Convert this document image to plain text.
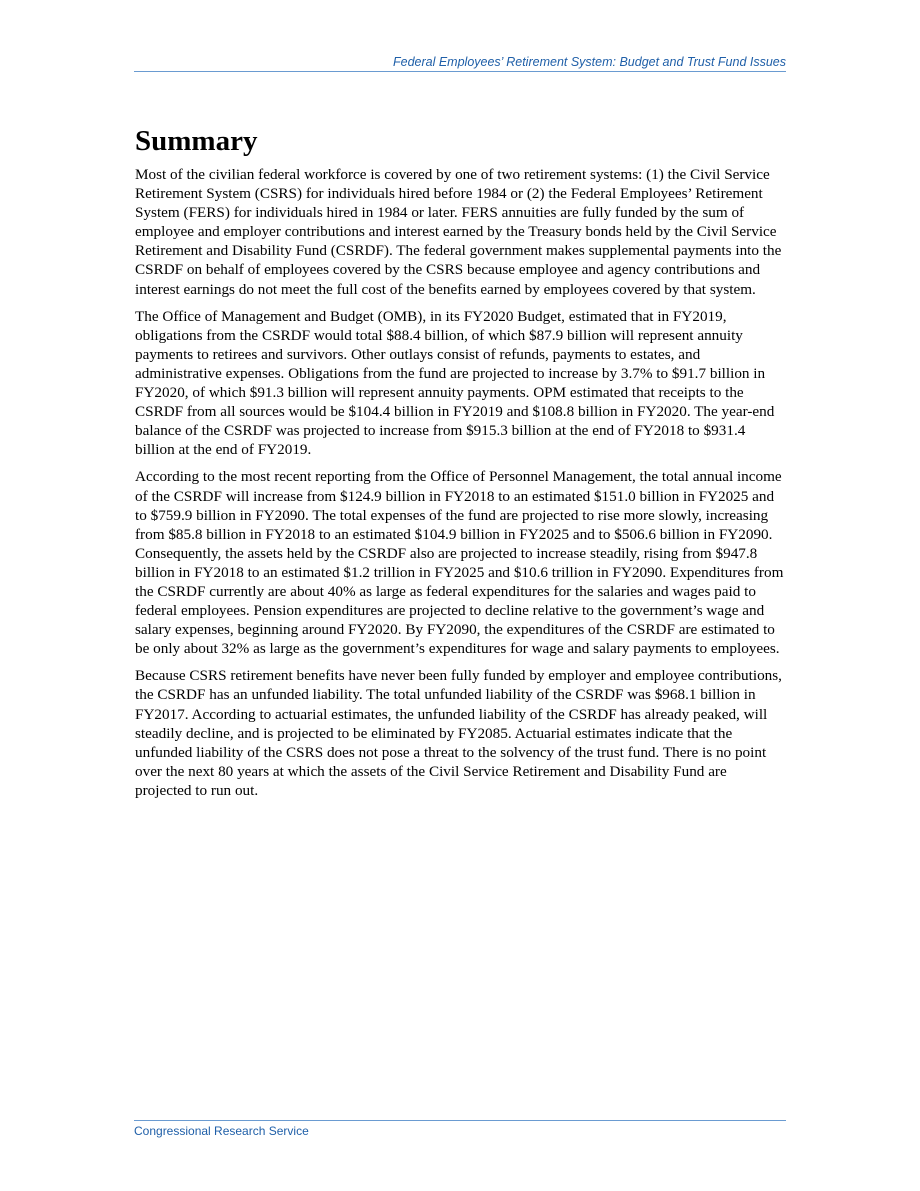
Federal Employees’ Retirement System: Budget and Trust Fund Issues
Summary

Most of the civilian federal workforce is covered by one of two retirement systems: (1) the Civil Service Retirement System (CSRS) for individuals hired before 1984 or (2) the Federal Employees’ Retirement System (FERS) for individuals hired in 1984 or later. FERS annuities are fully funded by the sum of employee and employer contributions and interest earned by the Treasury bonds held by the Civil Service Retirement and Disability Fund (CSRDF). The federal government makes supplemental payments into the CSRDF on behalf of employees covered by the CSRS because employee and agency contributions and interest earnings do not meet the full cost of the benefits earned by employees covered by that system.

The Office of Management and Budget (OMB), in its FY2020 Budget, estimated that in FY2019, obligations from the CSRDF would total $88.4 billion, of which $87.9 billion will represent annuity payments to retirees and survivors. Other outlays consist of refunds, payments to estates, and administrative expenses. Obligations from the fund are projected to increase by 3.7% to $91.7 billion in FY2020, of which $91.3 billion will represent annuity payments. OPM estimated that receipts to the CSRDF from all sources would be $104.4 billion in FY2019 and $108.8 billion in FY2020. The year-end balance of the CSRDF was projected to increase from $915.3 billion at the end of FY2018 to $931.4 billion at the end of FY2019.

According to the most recent reporting from the Office of Personnel Management, the total annual income of the CSRDF will increase from $124.9 billion in FY2018 to an estimated $151.0 billion in FY2025 and to $759.9 billion in FY2090. The total expenses of the fund are projected to rise more slowly, increasing from $85.8 billion in FY2018 to an estimated $104.9 billion in FY2025 and to $506.6 billion in FY2090. Consequently, the assets held by the CSRDF also are projected to increase steadily, rising from $947.8 billion in FY2018 to an estimated $1.2 trillion in FY2025 and $10.6 trillion in FY2090. Expenditures from the CSRDF currently are about 40% as large as federal expenditures for the salaries and wages paid to federal employees. Pension expenditures are projected to decline relative to the government’s wage and salary expenses, beginning around FY2020. By FY2090, the expenditures of the CSRDF are estimated to be only about 32% as large as the government’s expenditures for wage and salary payments to employees.

Because CSRS retirement benefits have never been fully funded by employer and employee contributions, the CSRDF has an unfunded liability. The total unfunded liability of the CSRDF was $968.1 billion in FY2017. According to actuarial estimates, the unfunded liability of the CSRDF has already peaked, will steadily decline, and is projected to be eliminated by FY2085. Actuarial estimates indicate that the unfunded liability of the CSRS does not pose a threat to the solvency of the trust fund. There is no point over the next 80 years at which the assets of the Civil Service Retirement and Disability Fund are projected to run out.

Congressional Research Service
